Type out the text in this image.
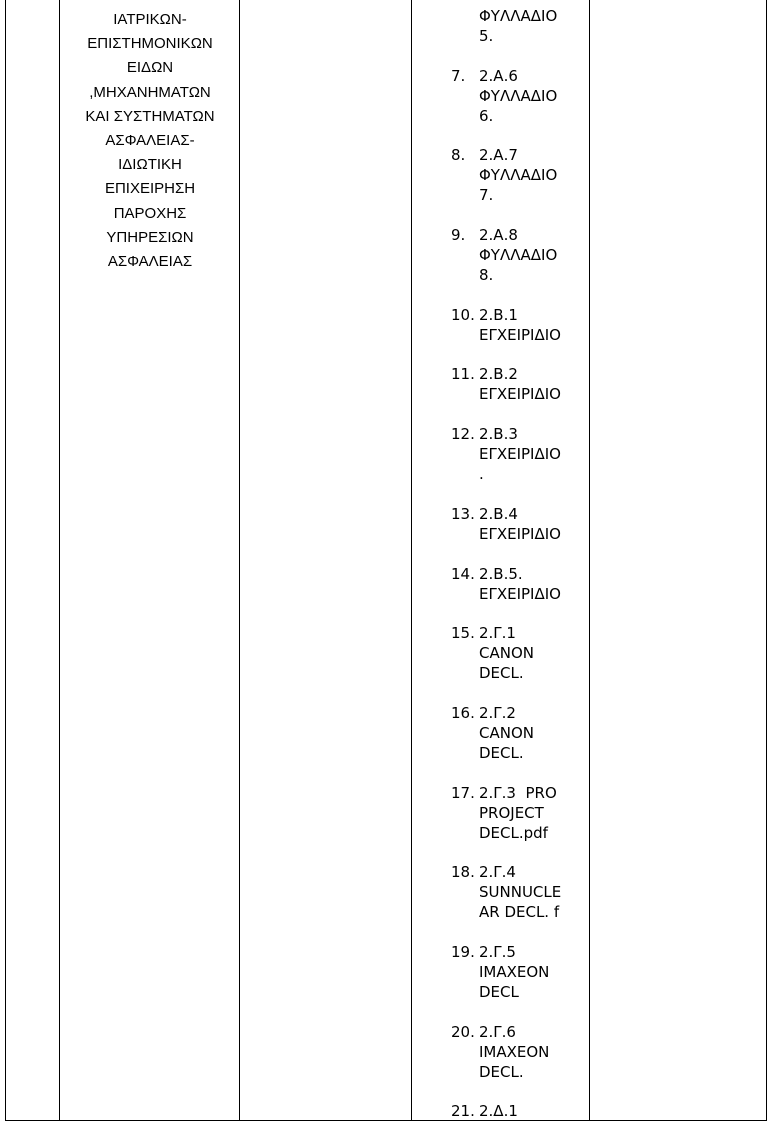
ΙΑΤΡΙΚΩΝ-
ΕΠΙΣΤΗΜΟΝΙΚΩΝ
ΕΙΔΩΝ
,ΜΗΧΑΝΗΜΑΤΩΝ
ΚΑΙ ΣΥΣΤΗΜΑΤΩΝ
ΑΣΦΑΛΕΙΑΣ-
ΙΔΙΩΤΙΚΗ
ΕΠΙΧΕΙΡΗΣΗ
ΠΑΡΟΧΗΣ
ΥΠΗΡΕΣΙΩΝ
ΑΣΦΑΛΕΙΑΣ
ΦΥΛΛΑΔΙΟ
5.
7. 2.Α.6
ΦΥΛΛΑΔΙΟ
6.
8. 2.Α.7
ΦΥΛΛΑΔΙΟ
7.
9. 2.Α.8
ΦΥΛΛΑΔΙΟ
8.
10. 2.Β.1
ΕΓΧΕΙΡΙΔΙΟ
11. 2.Β.2
ΕΓΧΕΙΡΙΔΙΟ
12. 2.Β.3
ΕΓΧΕΙΡΙΔΙΟ
.
13. 2.Β.4
ΕΓΧΕΙΡΙΔΙΟ
14. 2.Β.5.
ΕΓΧΕΙΡΙΔΙΟ
15. 2.Γ.1
CANON
DECL.
16. 2.Γ.2
CANON
DECL.
17. 2.Γ.3  PRO
PROJECT
DECL.pdf
18. 2.Γ.4
SUNNUCLE
AR DECL. f
19. 2.Γ.5
IMAXEON
DECL
20. 2.Γ.6
IMAXEON
DECL.
21. 2.Δ.1
